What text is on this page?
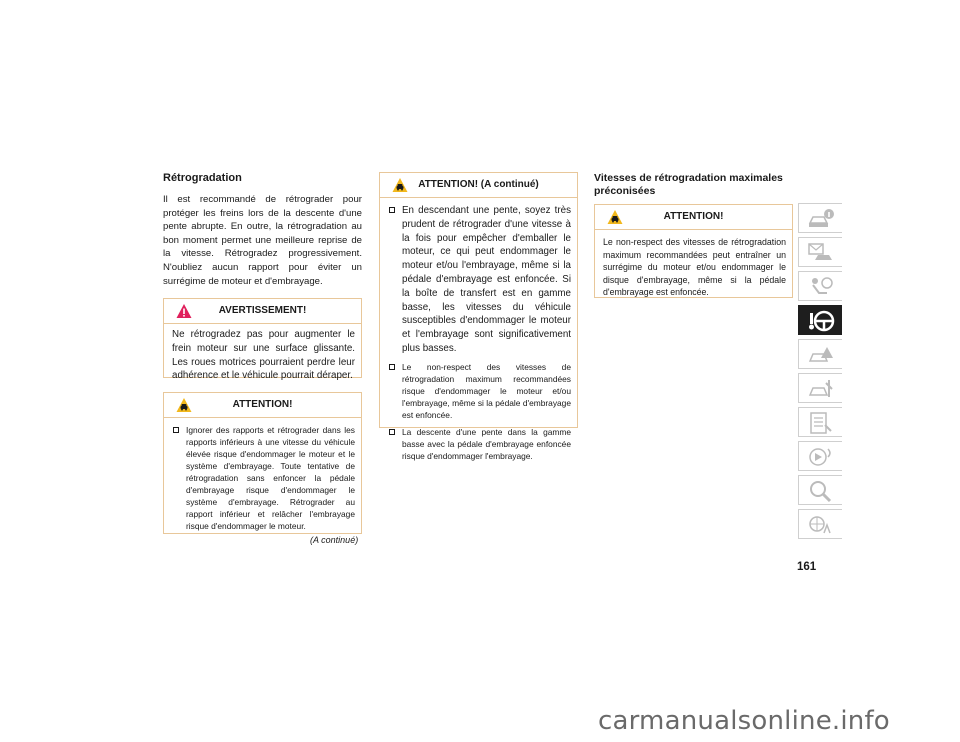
Rétrogradation
Il est recommandé de rétrograder pour protéger les freins lors de la descente d'une pente abrupte. En outre, la rétrogradation au bon moment permet une meilleure reprise de la vitesse. Rétrogradez progressivement. N'oubliez aucun rapport pour éviter un surrégime de moteur et d'embrayage.
AVERTISSEMENT!
Ne rétrogradez pas pour augmenter le frein moteur sur une surface glissante. Les roues motrices pourraient perdre leur adhérence et le véhicule pourrait déraper.
ATTENTION!
Ignorer des rapports et rétrograder dans les rapports inférieurs à une vitesse du véhicule élevée risque d'endommager le moteur et le système d'embrayage. Toute tentative de rétrogradation sans enfoncer la pédale d'embrayage risque d'endommager le système d'embrayage. Rétrograder au rapport inférieur et relâcher l'embrayage risque d'endommager le moteur.
(A continué)
ATTENTION! (A continué)
En descendant une pente, soyez très prudent de rétrograder d'une vitesse à la fois pour empêcher d'emballer le moteur, ce qui peut endommager le moteur et/ou l'embrayage, même si la pédale d'embrayage est enfoncée. Si la boîte de transfert est en gamme basse, les vitesses du véhicule susceptibles d'endommager le moteur et l'embrayage sont significativement plus basses.
Le non-respect des vitesses de rétrogradation maximum recommandées risque d'endommager le moteur et/ou l'embrayage, même si la pédale d'embrayage est enfoncée.
La descente d'une pente dans la gamme basse avec la pédale d'embrayage enfoncée risque d'endommager l'embrayage.
Vitesses de rétrogradation maximales préconisées
ATTENTION!
Le non-respect des vitesses de rétrogradation maximum recommandées peut entraîner un surrégime du moteur et/ou endommager le disque d'embrayage, même si la pédale d'embrayage est enfoncée.
161
carmanualsonline.info
